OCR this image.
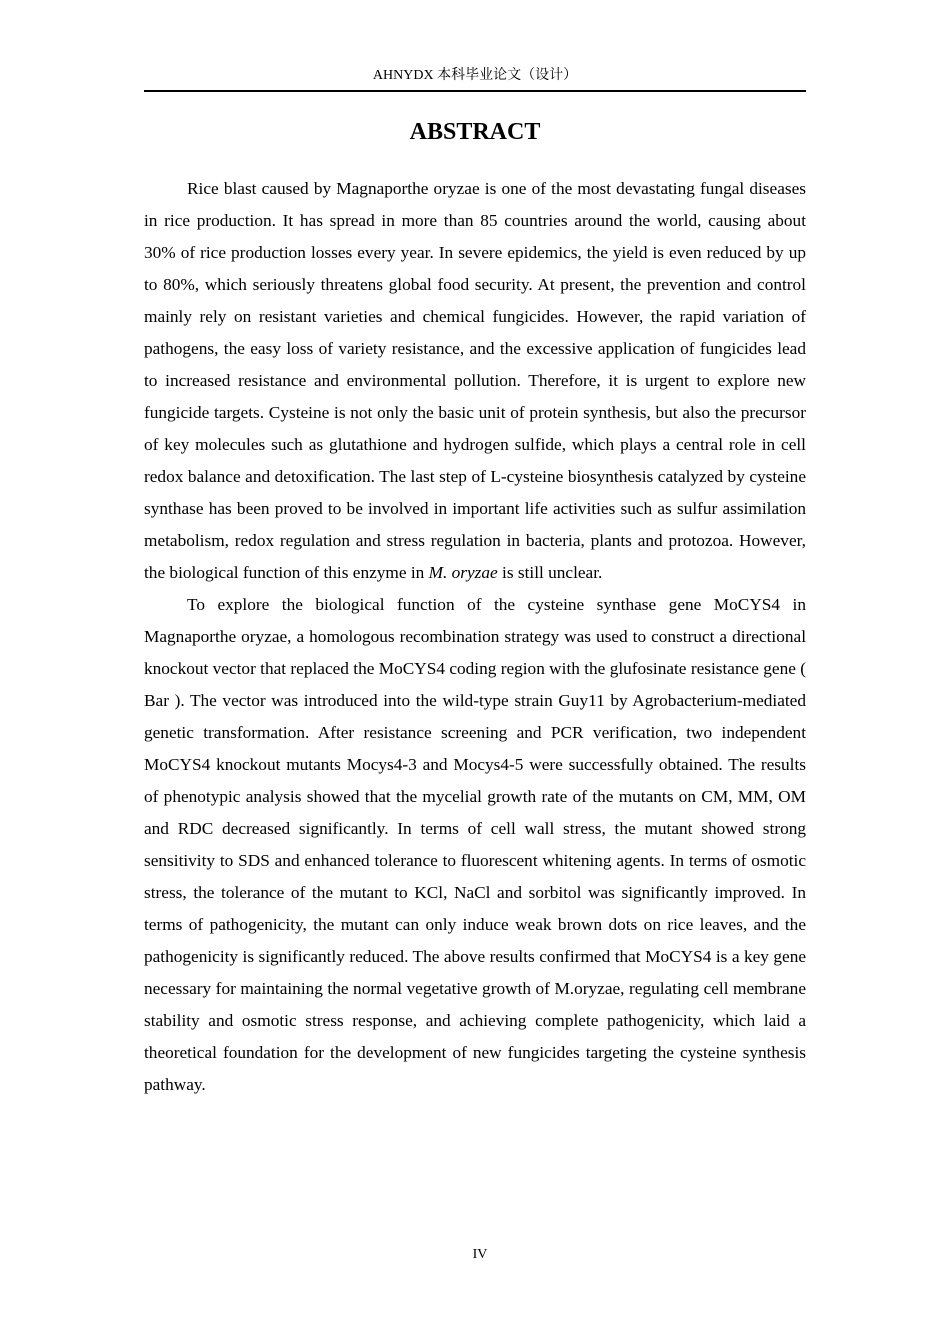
AHNYDX 本科毕业论文（设计）
ABSTRACT

Rice blast caused by Magnaporthe oryzae is one of the most devastating fungal diseases in rice production. It has spread in more than 85 countries around the world, causing about 30% of rice production losses every year. In severe epidemics, the yield is even reduced by up to 80%, which seriously threatens global food security. At present, the prevention and control mainly rely on resistant varieties and chemical fungicides. However, the rapid variation of pathogens, the easy loss of variety resistance, and the excessive application of fungicides lead to increased resistance and environmental pollution. Therefore, it is urgent to explore new fungicide targets. Cysteine is not only the basic unit of protein synthesis, but also the precursor of key molecules such as glutathione and hydrogen sulfide, which plays a central role in cell redox balance and detoxification. The last step of L-cysteine biosynthesis catalyzed by cysteine synthase has been proved to be involved in important life activities such as sulfur assimilation metabolism, redox regulation and stress regulation in bacteria, plants and protozoa. However, the biological function of this enzyme in M. oryzae is still unclear.

To explore the biological function of the cysteine synthase gene MoCYS4 in Magnaporthe oryzae, a homologous recombination strategy was used to construct a directional knockout vector that replaced the MoCYS4 coding region with the glufosinate resistance gene ( Bar ). The vector was introduced into the wild-type strain Guy11 by Agrobacterium-mediated genetic transformation. After resistance screening and PCR verification, two independent MoCYS4 knockout mutants Mocys4-3 and Mocys4-5 were successfully obtained. The results of phenotypic analysis showed that the mycelial growth rate of the mutants on CM, MM, OM and RDC decreased significantly. In terms of cell wall stress, the mutant showed strong sensitivity to SDS and enhanced tolerance to fluorescent whitening agents. In terms of osmotic stress, the tolerance of the mutant to KCl, NaCl and sorbitol was significantly improved. In terms of pathogenicity, the mutant can only induce weak brown dots on rice leaves, and the pathogenicity is significantly reduced. The above results confirmed that MoCYS4 is a key gene necessary for maintaining the normal vegetative growth of M.oryzae, regulating cell membrane stability and osmotic stress response, and achieving complete pathogenicity, which laid a theoretical foundation for the development of new fungicides targeting the cysteine synthesis pathway.

IV
